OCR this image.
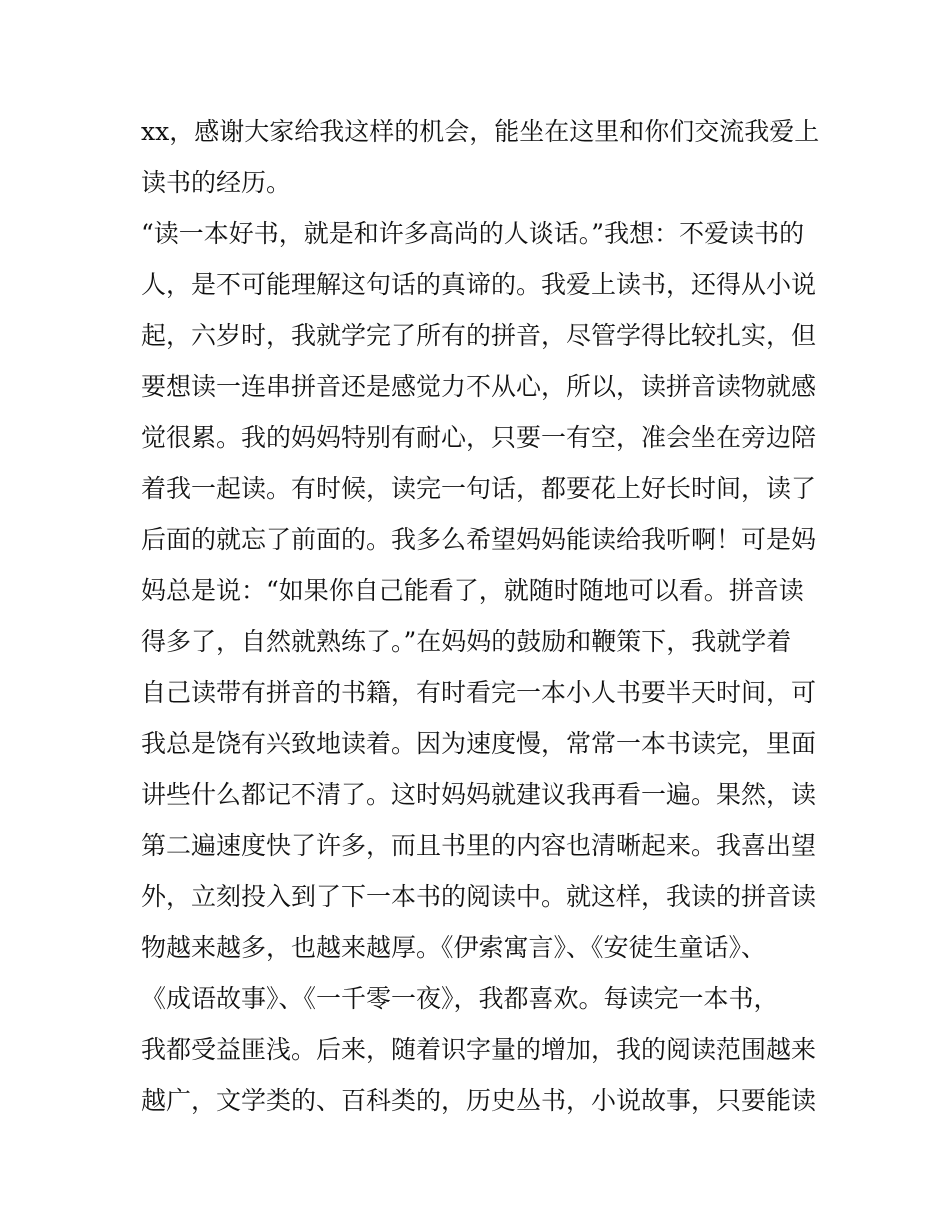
xx，感谢大家给我这样的机会，能坐在这里和你们交流我爱上
读书的经历。
“读一本好书，就是和许多高尚的人谈话。”我想：不爱读书的
人，是不可能理解这句话的真谛的。我爱上读书，还得从小说
起，六岁时，我就学完了所有的拼音，尽管学得比较扎实，但
要想读一连串拼音还是感觉力不从心，所以，读拼音读物就感
觉很累。我的妈妈特别有耐心，只要一有空，准会坐在旁边陪
着我一起读。有时候，读完一句话，都要花上好长时间，读了
后面的就忘了前面的。我多么希望妈妈能读给我听啊！可是妈
妈总是说：“如果你自己能看了，就随时随地可以看。拼音读
得多了，自然就熟练了。”在妈妈的鼓励和鞭策下，我就学着
自己读带有拼音的书籍，有时看完一本小人书要半天时间，可
我总是饶有兴致地读着。因为速度慢，常常一本书读完，里面
讲些什么都记不清了。这时妈妈就建议我再看一遍。果然，读
第二遍速度快了许多，而且书里的内容也清晰起来。我喜出望
外，立刻投入到了下一本书的阅读中。就这样，我读的拼音读
物越来越多，也越来越厚。《伊索寓言》、《安徒生童话》、
《成语故事》、《一千零一夜》，我都喜欢。每读完一本书，
我都受益匪浅。后来，随着识字量的增加，我的阅读范围越来
越广，文学类的、百科类的，历史丛书，小说故事，只要能读
